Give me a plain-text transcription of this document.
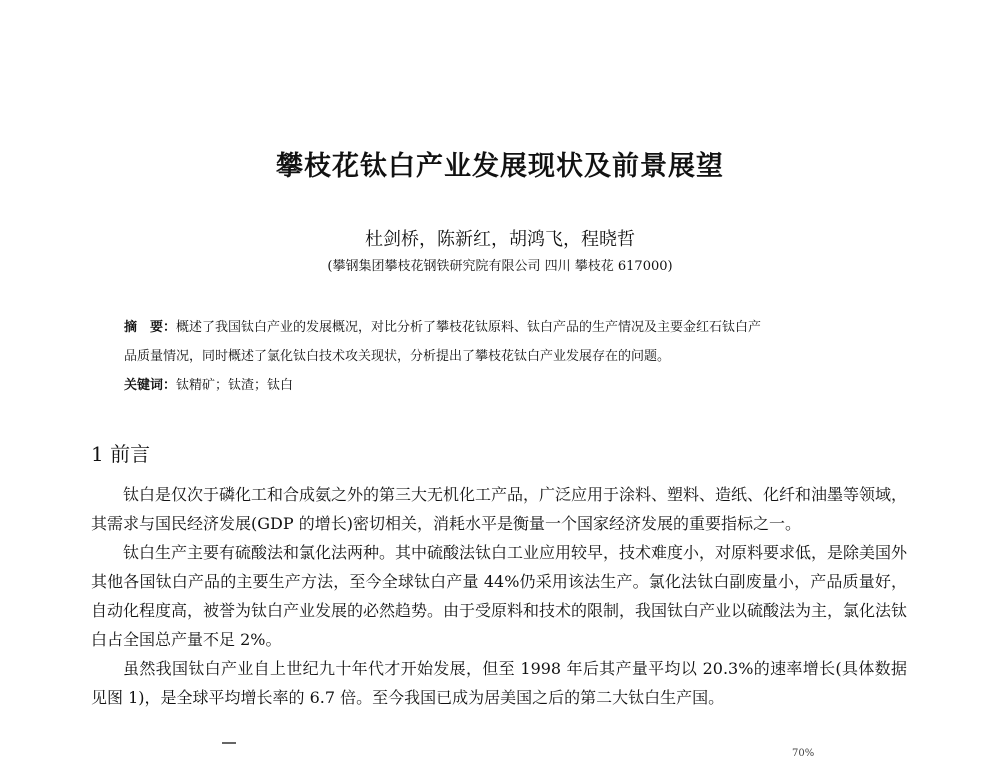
攀枝花钛白产业发展现状及前景展望
杜剑桥，陈新红，胡鸿飞，程晓哲
(攀钢集团攀枝花钢铁研究院有限公司 四川 攀枝花 617000)
摘　要：概述了我国钛白产业的发展概况，对比分析了攀枝花钛原料、钛白产品的生产情况及主要金红石钛白产
品质量情况，同时概述了氯化钛白技术攻关现状，分析提出了攀枝花钛白产业发展存在的问题。
关键词：钛精矿；钛渣；钛白
1 前言

钛白是仅次于磷化工和合成氨之外的第三大无机化工产品，广泛应用于涂料、塑料、造纸、化纤和油墨等领域，其需求与国民经济发展(GDP 的增长)密切相关，消耗水平是衡量一个国家经济发展的重要指标之一。

钛白生产主要有硫酸法和氯化法两种。其中硫酸法钛白工业应用较早，技术难度小，对原料要求低，是除美国外其他各国钛白产品的主要生产方法，至今全球钛白产量 44%仍采用该法生产。氯化法钛白副废量小，产品质量好，自动化程度高，被誉为钛白产业发展的必然趋势。由于受原料和技术的限制，我国钛白产业以硫酸法为主，氯化法钛白占全国总产量不足 2%。

虽然我国钛白产业自上世纪九十年代才开始发展，但至 1998 年后其产量平均以 20.3%的速率增长(具体数据见图 1)，是全球平均增长率的 6.7 倍。至今我国已成为居美国之后的第二大钛白生产国。

70%
